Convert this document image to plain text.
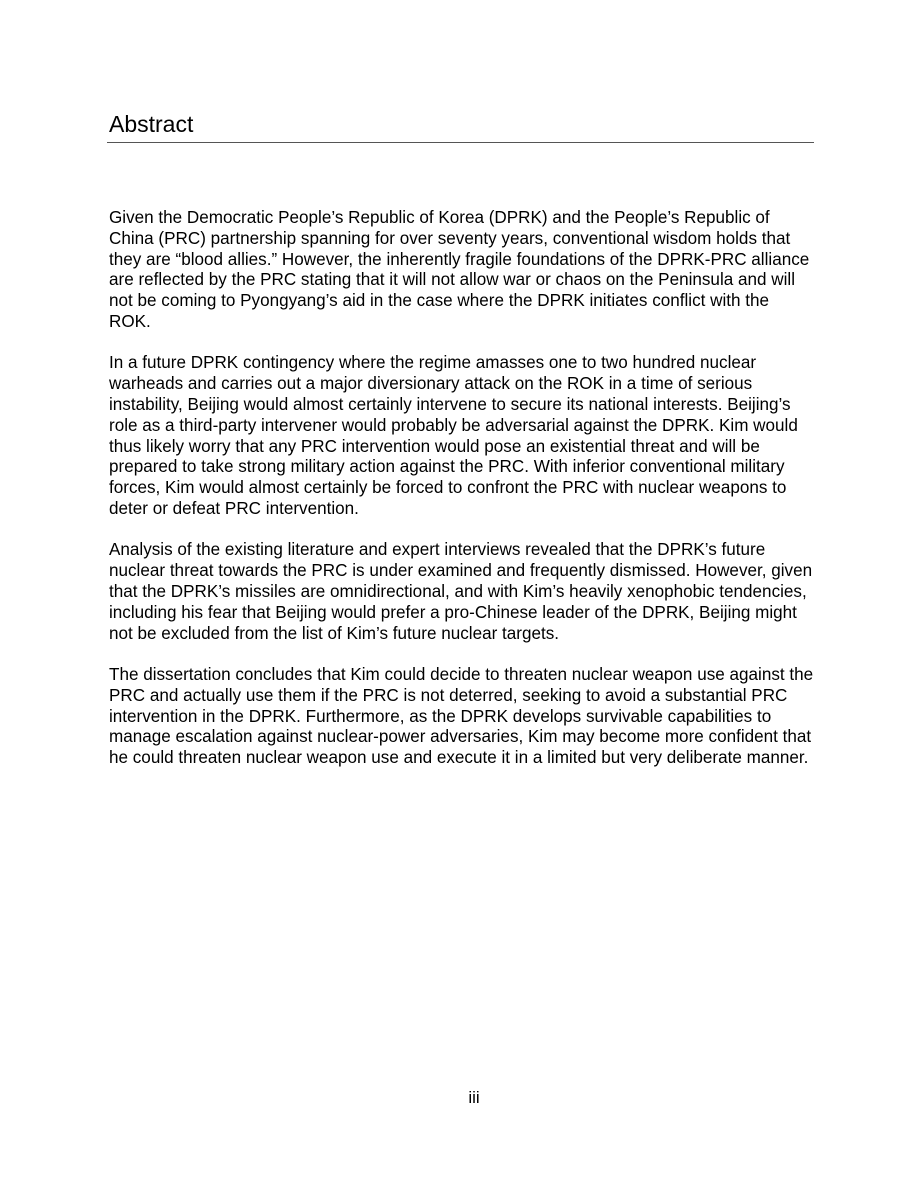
Abstract

Given the Democratic People’s Republic of Korea (DPRK) and the People’s Republic of China (PRC) partnership spanning for over seventy years, conventional wisdom holds that they are “blood allies.” However, the inherently fragile foundations of the DPRK-PRC alliance are reflected by the PRC stating that it will not allow war or chaos on the Peninsula and will not be coming to Pyongyang’s aid in the case where the DPRK initiates conflict with the ROK.

In a future DPRK contingency where the regime amasses one to two hundred nuclear warheads and carries out a major diversionary attack on the ROK in a time of serious instability, Beijing would almost certainly intervene to secure its national interests. Beijing’s role as a third-party intervener would probably be adversarial against the DPRK. Kim would thus likely worry that any PRC intervention would pose an existential threat and will be prepared to take strong military action against the PRC. With inferior conventional military forces, Kim would almost certainly be forced to confront the PRC with nuclear weapons to deter or defeat PRC intervention.

Analysis of the existing literature and expert interviews revealed that the DPRK’s future nuclear threat towards the PRC is under examined and frequently dismissed. However, given that the DPRK’s missiles are omnidirectional, and with Kim’s heavily xenophobic tendencies, including his fear that Beijing would prefer a pro-Chinese leader of the DPRK, Beijing might not be excluded from the list of Kim’s future nuclear targets.

The dissertation concludes that Kim could decide to threaten nuclear weapon use against the PRC and actually use them if the PRC is not deterred, seeking to avoid a substantial PRC intervention in the DPRK. Furthermore, as the DPRK develops survivable capabilities to manage escalation against nuclear-power adversaries, Kim may become more confident that he could threaten nuclear weapon use and execute it in a limited but very deliberate manner.

iii
